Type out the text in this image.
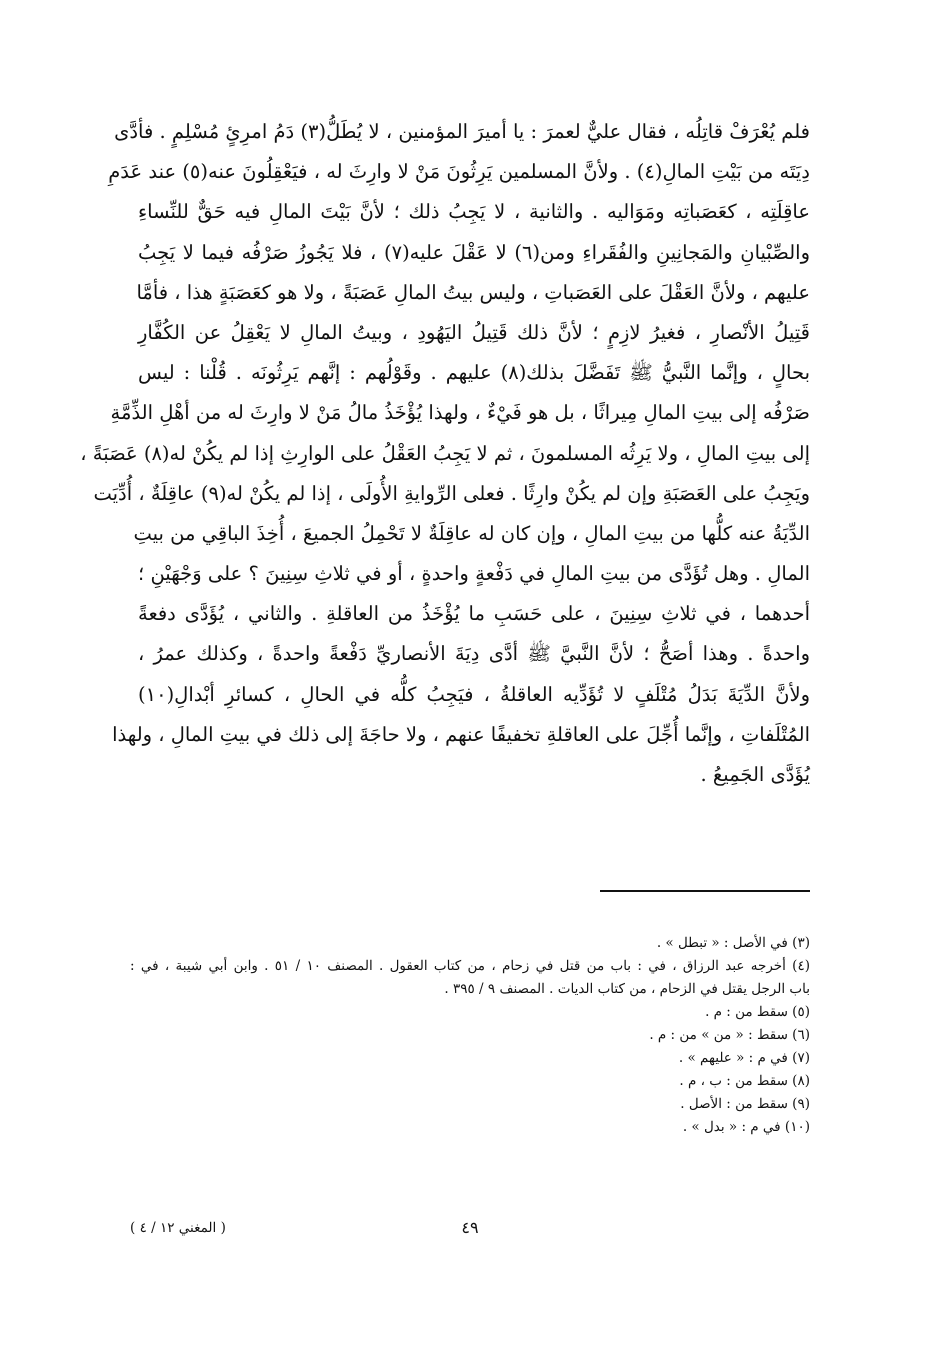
فلم يُعْرَفْ قاتِلُه ، فقال عليٌّ لعمرَ : يا أميرَ المؤمنين ، لا يُطَلُّ(٣) دَمُ امرِئٍ مُسْلِمٍ . فأدَّى
دِيَتَه من بَيْتِ المالِ(٤) . ولأنَّ المسلمين يَرِثُونَ مَنْ لا وارِثَ له ، فيَعْقِلُونَ عنه(٥) عند عَدَمِ
عاقِلَتِه ، كعَصَباتِه ومَوَاليه . والثانية ، لا يَجِبُ ذلك ؛ لأنَّ بَيْتَ المالِ فيه حَقٌّ للنِّساءِ
والصِّبْيانِ والمَجانِينِ والفُقَراءِ ومن(٦) لا عَقْلَ عليه(٧) ، فلا يَجُوزُ صَرْفُه فيما لا يَجِبُ
عليهم ، ولأنَّ العَقْلَ على العَصَباتِ ، وليس بيتُ المالِ عَصَبَةً ، ولا هو كعَصَبَةٍ هذا ، فأمَّا
قَتِيلُ الأنْصارِ ، فغيرُ لازِمٍ ؛ لأنَّ ذلك قَتِيلُ اليَهُودِ ، وبيتُ المالِ لا يَعْقِلُ عن الكُفَّارِ
بحالٍ ، وإنَّما النَّبيُّ ﷺ تَفَضَّلَ بذلك(٨) عليهم . وقَوْلُهم : إنَّهم يَرِثُونَه . قُلْنا : ليس
صَرْفُه إلى بيتِ المالِ مِيراثًا ، بل هو فَيْءٌ ، ولهذا يُؤْخَذُ مالُ مَنْ لا وارِثَ له من أهْلِ الذِّمَّةِ
إلى بيتِ المالِ ، ولا يَرِثُه المسلمونَ ، ثم لا يَجِبُ العَقْلُ على الوارِثِ إذا لم يكُنْ له(٨) عَصَبَةً ،
ويَجِبُ على العَصَبَةِ وإن لم يكُنْ وارِثًا . فعلى الرِّوايةِ الأُولَى ، إذا لم يكُنْ له(٩) عاقِلَةٌ ، أُدِّيَت
الدِّيَةُ عنه كلُّها من بيتِ المالِ ، وإن كان له عاقِلَةٌ لا تَحْمِلُ الجميعَ ، أُخِذَ الباقِي من بيتِ
المالِ . وهل تُؤَدَّى من بيتِ المالِ في دَفْعةٍ واحدةٍ ، أو في ثلاثِ سِنِينَ ؟ على وَجْهَيْنِ ؛
أحدهما ، في ثلاثِ سِنِينَ ، على حَسَبِ ما يُؤْخَذُ من العاقلةِ . والثاني ، يُؤَدَّى دفعةً
واحدةً . وهذا أصَحُّ ؛ لأنَّ النَّبيَّ ﷺ أدَّى دِيَةَ الأنصاريِّ دَفْعةً واحدةً ، وكذلك عمرُ ،
ولأنَّ الدِّيَةَ بَدَلُ مُتْلَفٍ لا تُؤَدِّيه العاقلةُ ، فيَجِبُ كلُّه في الحالِ ، كسائرِ أبْدالِ(١٠)
المُتْلَفاتِ ، وإنَّما أُجِّلَ على العاقلةِ تخفيفًا عنهم ، ولا حاجَةَ إلى ذلك في بيتِ المالِ ، ولهذا
يُؤَدَّى الجَمِيعُ .
(٣) في الأصل : « تبطل » .
(٤) أخرجه عبد الرزاق ، في : باب من قتل في زحام ، من كتاب العقول . المصنف ١٠ / ٥١ . وابن أبي شيبة ، في :
باب الرجل يقتل في الزحام ، من كتاب الديات . المصنف ٩ / ٣٩٥ .
(٥) سقط من : م .
(٦) سقط : « من » من : م .
(٧) في م : « عليهم » .
(٨) سقط من : ب ، م .
(٩) سقط من : الأصل .
(١٠) في م : « بدل » .
٤٩
( المغني ١٢ / ٤ )
